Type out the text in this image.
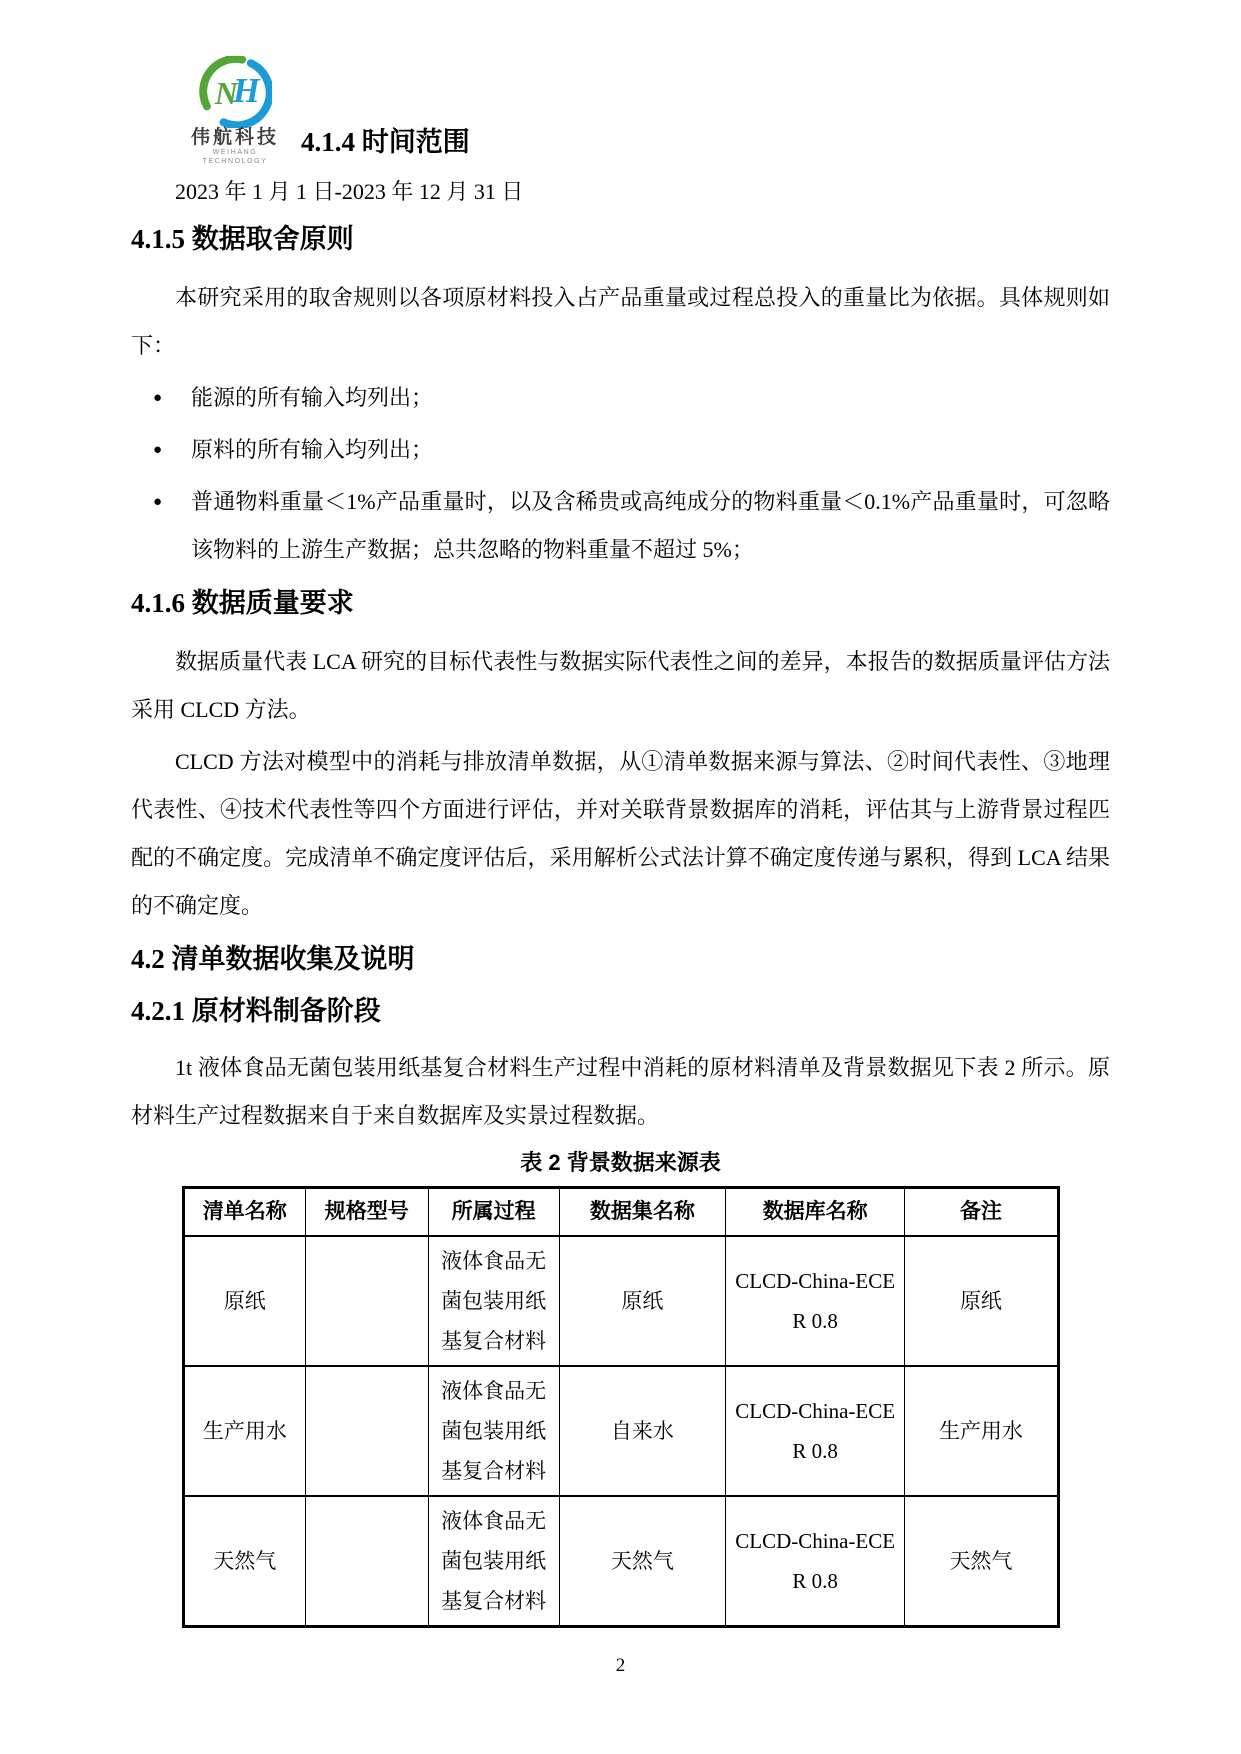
N
H
伟航科技
WEIHANG TECHNOLOGY
4.1.4 时间范围

2023 年 1 月 1 日-2023 年 12 月 31 日

4.1.5 数据取舍原则

本研究采用的取舍规则以各项原材料投入占产品重量或过程总投入的重量比为依据。具体规则如下：

●	能源的所有输入均列出；
●	原料的所有输入均列出；
●	普通物料重量＜1%产品重量时，以及含稀贵或高纯成分的物料重量＜0.1%产品重量时，可忽略该物料的上游生产数据；总共忽略的物料重量不超过 5%；
4.1.6 数据质量要求

数据质量代表 LCA 研究的目标代表性与数据实际代表性之间的差异，本报告的数据质量评估方法采用 CLCD 方法。

CLCD 方法对模型中的消耗与排放清单数据，从①清单数据来源与算法、②时间代表性、③地理代表性、④技术代表性等四个方面进行评估，并对关联背景数据库的消耗，评估其与上游背景过程匹配的不确定度。完成清单不确定度评估后，采用解析公式法计算不确定度传递与累积，得到 LCA 结果的不确定度。

4.2 清单数据收集及说明
4.2.1 原材料制备阶段

1t 液体食品无菌包装用纸基复合材料生产过程中消耗的原材料清单及背景数据见下表 2 所示。原材料生产过程数据来自于来自数据库及实景过程数据。

表 2 背景数据来源表
清单名称	规格型号	所属过程	数据集名称	数据库名称	备注
原纸		液体食品无菌包装用纸基复合材料	原纸	CLCD-China-ECER 0.8	原纸
生产用水		液体食品无菌包装用纸基复合材料	自来水	CLCD-China-ECER 0.8	生产用水
天然气		液体食品无菌包装用纸基复合材料	天然气	CLCD-China-ECER 0.8	天然气
2
